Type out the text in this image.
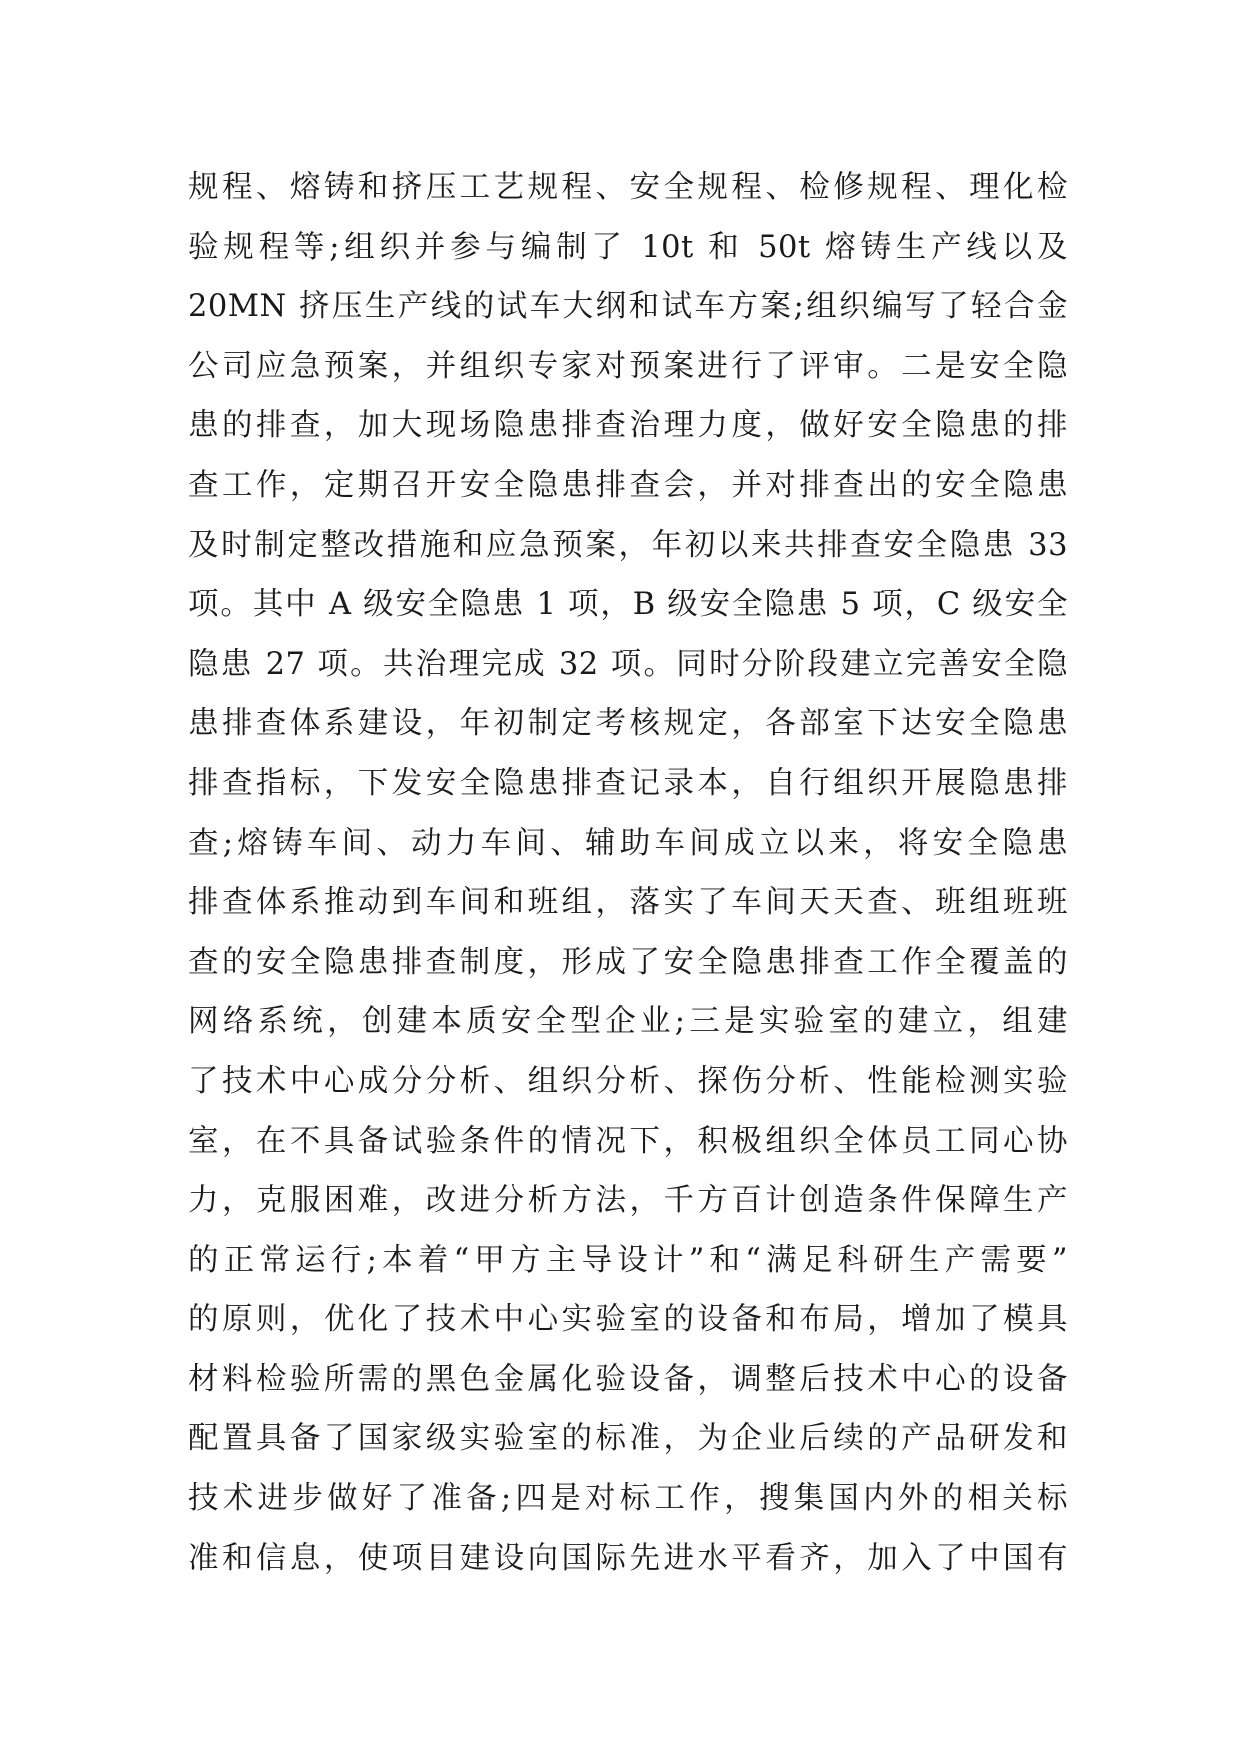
规程、熔铸和挤压工艺规程、安全规程、检修规程、理化检
验规程等;组织并参与编制了 10t 和 50t 熔铸生产线以及
20MN 挤压生产线的试车大纲和试车方案;组织编写了轻合金
公司应急预案，并组织专家对预案进行了评审。二是安全隐
患的排查，加大现场隐患排查治理力度，做好安全隐患的排
查工作，定期召开安全隐患排查会，并对排查出的安全隐患
及时制定整改措施和应急预案，年初以来共排查安全隐患 33
项。其中 A 级安全隐患 1 项，B 级安全隐患 5 项，C 级安全
隐患 27 项。共治理完成 32 项。同时分阶段建立完善安全隐
患排查体系建设，年初制定考核规定，各部室下达安全隐患
排查指标，下发安全隐患排查记录本，自行组织开展隐患排
查;熔铸车间、动力车间、辅助车间成立以来，将安全隐患
排查体系推动到车间和班组，落实了车间天天查、班组班班
查的安全隐患排查制度，形成了安全隐患排查工作全覆盖的
网络系统，创建本质安全型企业;三是实验室的建立，组建
了技术中心成分分析、组织分析、探伤分析、性能检测实验
室，在不具备试验条件的情况下，积极组织全体员工同心协
力，克服困难，改进分析方法，千方百计创造条件保障生产
的正常运行;本着“甲方主导设计”和“满足科研生产需要”
的原则，优化了技术中心实验室的设备和布局，增加了模具
材料检验所需的黑色金属化验设备，调整后技术中心的设备
配置具备了国家级实验室的标准，为企业后续的产品研发和
技术进步做好了准备;四是对标工作，搜集国内外的相关标
准和信息，使项目建设向国际先进水平看齐，加入了中国有
